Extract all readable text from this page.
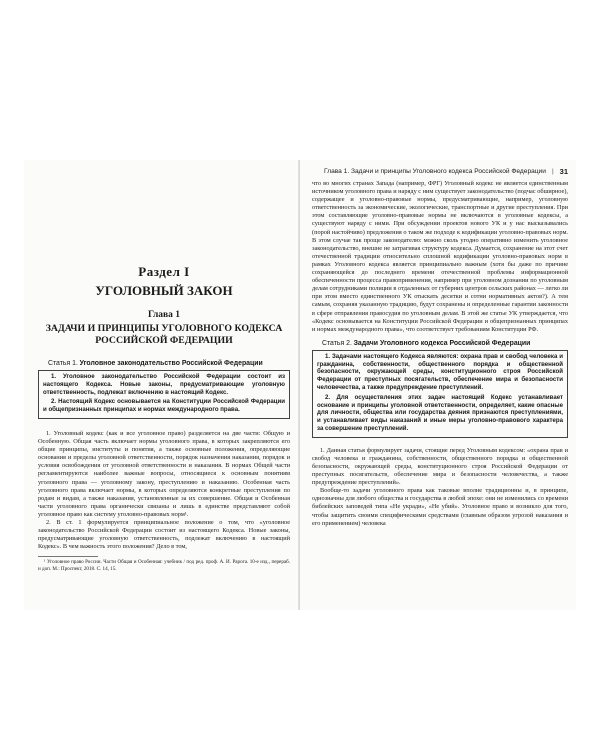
Раздел I
УГОЛОВНЫЙ ЗАКОН
Глава 1
ЗАДАЧИ И ПРИНЦИПЫ УГОЛОВНОГО КОДЕКСА РОССИЙСКОЙ ФЕДЕРАЦИИ
Статья 1. Уголовное законодательство Российской Федерации

1. Уголовное законодательство Российской Федерации состоит из настоящего Кодекса. Новые законы, предусматривающие уголовную ответственность, подлежат включению в настоящий Кодекс.

2. Настоящий Кодекс основывается на Конституции Российской Федерации и общепризнанных принципах и нормах международного права.

1. Уголовный кодекс (как и все уголовное право) разделяется на две части: Общую и Особенную. Общая часть включает нормы уголовного права, в которых закрепляются его общие принципы, институты и понятия, а также основные положения, определяющие основания и пределы уголовной ответственности, порядок назначения наказания, порядок и условия освобождения от уголовной ответственности и наказания. В нормах Общей части регламентируются наиболее важные вопросы, относящиеся к основным понятиям уголовного права — уголовному закону, преступлению и наказанию. Особенная часть уголовного права включает нормы, в которых определяются конкретные преступления по родам и видам, а также наказания, установленные за их совершение. Общая и Особенная части уголовного права органически связаны и лишь в единстве представляют собой уголовное право как систему уголовно-правовых норм¹.

2. В ст. 1 формулируется принципиальное положение о том, что «уголовное законодательство Российской Федерации состоит из настоящего Кодекса. Новые законы, предусматривающие уголовную ответственность, подлежат включению в настоящий Кодекс». В чем важность этого положения? Дело в том,

¹ Уголовное право России. Части Общая и Особенная: учебник / под ред. проф. А. И. Рарога. 10-е изд., перераб. и доп. М.: Проспект, 2018. С. 14, 15.
Глава 1. Задачи и принципы Уголовного кодекса Российской Федерации | 31

что во многих странах Запада (например, ФРГ) Уголовный кодекс не является единственным источником уголовного права и наряду с ним существует законодательство (подчас обширное), содержащее и уголовно-правовые нормы, предусматривающие, например, уголовную ответственность за экономические, экологические, транспортные и другие преступления. При этом составляющие уголовно-правовые нормы не включаются в уголовные кодексы, а существуют наряду с ними. При обсуждении проектов нового УК и у нас высказывались (порой настойчиво) предложения о таком же подходе к кодификации уголовно-правовых норм. В этом случае так проще законодателю: можно сколь угодно оперативно изменить уголовное законодательство, внешне не затрагивая структуру кодекса. Думается, сохранение на этот счет отечественной традиции относительно сплошной кодификации уголовно-правовых норм в рамках Уголовного кодекса является принципиально важным (хотя бы даже по причине сохраняющейся до последнего времени отечественной проблемы информационной обеспеченности процесса правоприменения, например при уголовном дознании по уголовным делам сотрудниками полиции в отдаленных от губерних центров сельских районах — легко ли при этом вместо единственного УК отыскать десятки и сотни нормативных актов?). А тем самым, сохраняя указанную традицию, будут сохранены и определенные гарантии законности в сфере отправления правосудия по уголовным делам. В этой же статье УК утверждается, что «Кодекс основывается на Конституции Российской Федерации и общепризнанных принципах и нормах международного права», что соответствует требованиям Конституции РФ.

Статья 2. Задачи Уголовного кодекса Российской Федерации

1. Задачами настоящего Кодекса являются: охрана прав и свобод человека и гражданина, собственности, общественного порядка и общественной безопасности, окружающей среды, конституционного строя Российской Федерации от преступных посягательств, обеспечение мира и безопасности человечества, а также предупреждение преступлений.

2. Для осуществления этих задач настоящий Кодекс устанавливает основание и принципы уголовной ответственности, определяет, какие опасные для личности, общества или государства деяния признаются преступлениями, и устанавливает виды наказаний и иные меры уголовно-правового характера за совершение преступлений.

1. Данная статья формулирует задачи, стоящие перед Уголовным кодексом: «охрана прав и свобод человека и гражданина, собственности, общественного порядка и общественной безопасности, окружающей среды, конституционного строя Российской Федерации от преступных посягательств, обеспечение мира и безопасности человечества, а также предупреждение преступлений».

Вообще-то задачи уголовного права как таковые вполне традиционны и, в принципе, однозначны для любого общества и государства в любой эпохе: они не изменились со времени библейских заповедей типа «Не укради», «Не убий». Уголовное право и возникло для того, чтобы защитить своими специфическими средствами (главным образом угрозой наказания и его применением) человека
